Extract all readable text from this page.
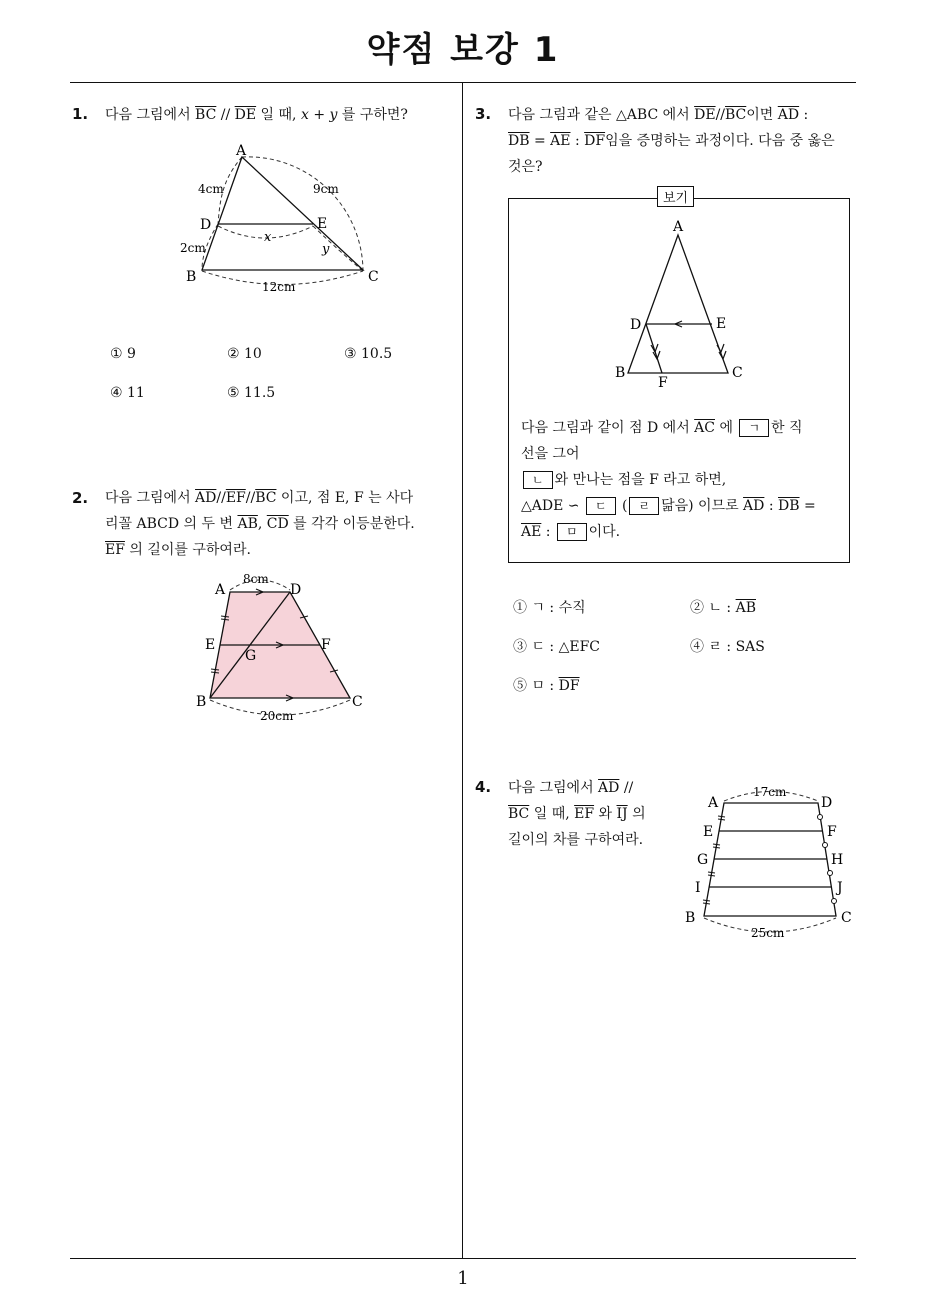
약점 보강 1
1
1. 다음 그림에서 $\overline{BC} // \overline{DE}$ 일 때, x + y 를 구하면?
A
D	E
B	C
4cm	9cm
2cm
12cm
x
y
① 9	② 10	③ 10.5
④ 11	⑤ 11.5
2. 다음 그림에서 $\overline{AD}//\overline{EF}//\overline{BC}$ 이고, 점 E, F 는 사다
리꼴 ABCD 의 두 변 $\overline{AB}$, $\overline{CD}$ 를 각각 이등분한다.
$\overline{EF}$ 의 길이를 구하여라.
A	D
E	F
G
B	C
8cm
20cm
3. 다음 그림과 같은 △ABC 에서 $\overline{DE}//\overline{BC}$이면 $\overline{AD}$ :
$\overline{DB} = \overline{AE}$ : $\overline{DF}$임을 증명하는 과정이다. 다음 중 옳은
것은?
보기
A
D	E
B
F
C
다음 그림과 같이 점 D 에서 $\overline{AC}$ 에 ㄱ 한 직
선을 그어
ㄴ 와 만나는 점을 F 라고 하면,
△ADE ∽ ㄷ ( ㄹ 닮음) 이므로 $\overline{AD}$ : $\overline{DB}$ =
$\overline{AE}$ : ㅁ 이다.
① ㄱ : 수직	② ㄴ : $\overline{AB}$
③ ㄷ : △EFC	④ ㄹ : SAS
⑤ ㅁ : $\overline{DF}$
4. 다음 그림에서 $\overline{AD}$ //
$\overline{BC}$ 일 때, $\overline{EF}$ 와 $\overline{IJ}$ 의
길이의 차를 구하여라.
A	D
E	F
G	H
I	J
B	C
17cm
25cm
